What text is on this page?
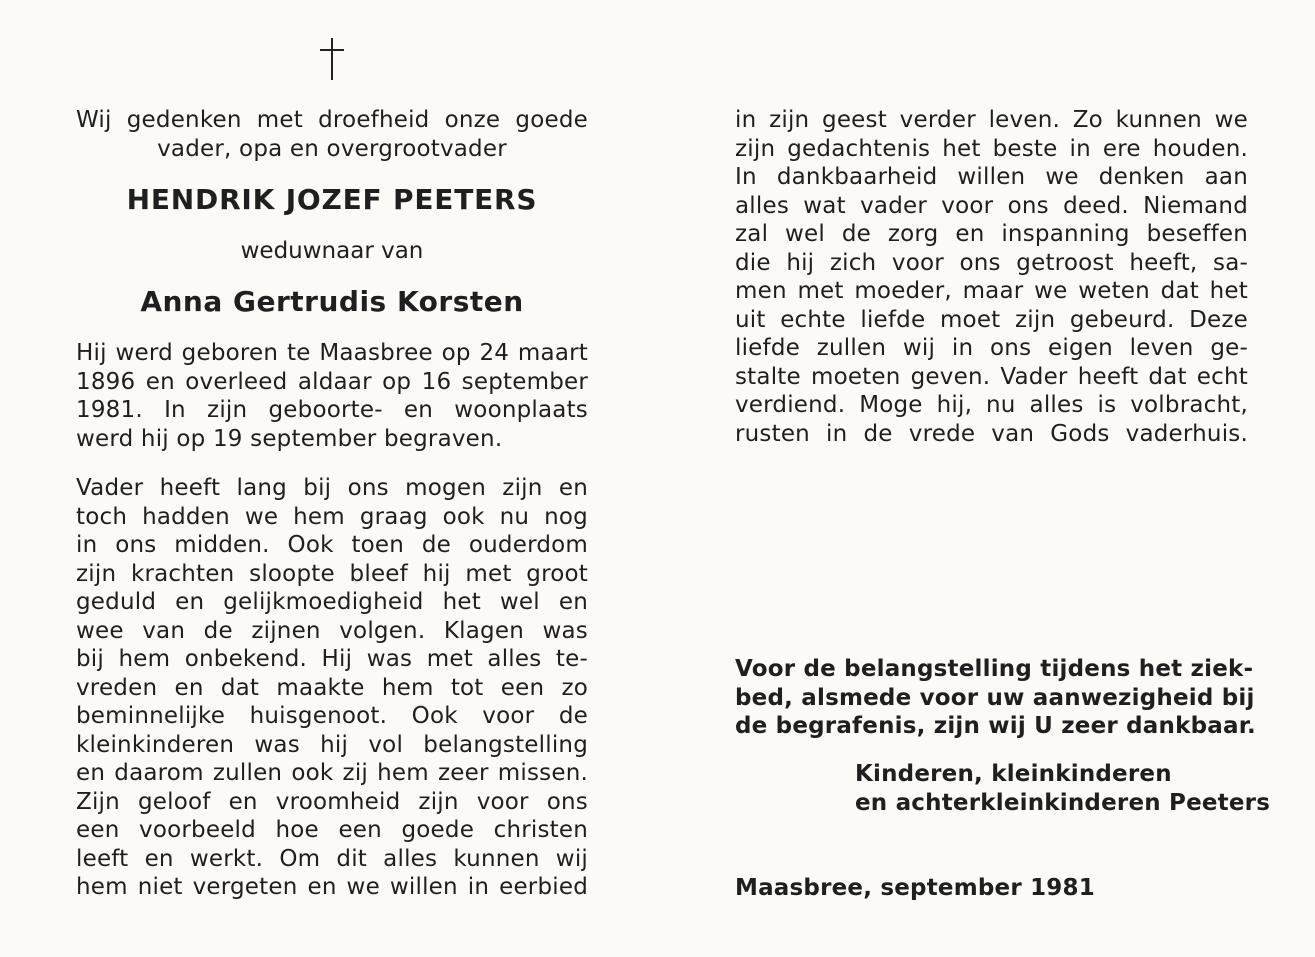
Wij gedenken met droefheid onze goede
vader, opa en overgrootvader
HENDRIK JOZEF PEETERS
weduwnaar van
Anna Gertrudis Korsten
Hij werd geboren te Maasbree op 24 maart
1896 en overleed aldaar op 16 september
1981. In zijn geboorte- en woonplaats
werd hij op 19 september begraven.
Vader heeft lang bij ons mogen zijn en
toch hadden we hem graag ook nu nog
in ons midden. Ook toen de ouderdom
zijn krachten sloopte bleef hij met groot
geduld en gelijkmoedigheid het wel en
wee van de zijnen volgen. Klagen was
bij hem onbekend. Hij was met alles te-
vreden en dat maakte hem tot een zo
beminnelijke huisgenoot. Ook voor de
kleinkinderen was hij vol belangstelling
en daarom zullen ook zij hem zeer missen.
Zijn geloof en vroomheid zijn voor ons
een voorbeeld hoe een goede christen
leeft en werkt. Om dit alles kunnen wij
hem niet vergeten en we willen in eerbied
in zijn geest verder leven. Zo kunnen we
zijn gedachtenis het beste in ere houden.
In dankbaarheid willen we denken aan
alles wat vader voor ons deed. Niemand
zal wel de zorg en inspanning beseffen
die hij zich voor ons getroost heeft, sa-
men met moeder, maar we weten dat het
uit echte liefde moet zijn gebeurd. Deze
liefde zullen wij in ons eigen leven ge-
stalte moeten geven. Vader heeft dat echt
verdiend. Moge hij, nu alles is volbracht,
rusten in de vrede van Gods vaderhuis.
Voor de belangstelling tijdens het ziek-
bed, alsmede voor uw aanwezigheid bij
de begrafenis, zijn wij U zeer dankbaar.
Kinderen, kleinkinderen
en achterkleinkinderen Peeters
Maasbree, september 1981
